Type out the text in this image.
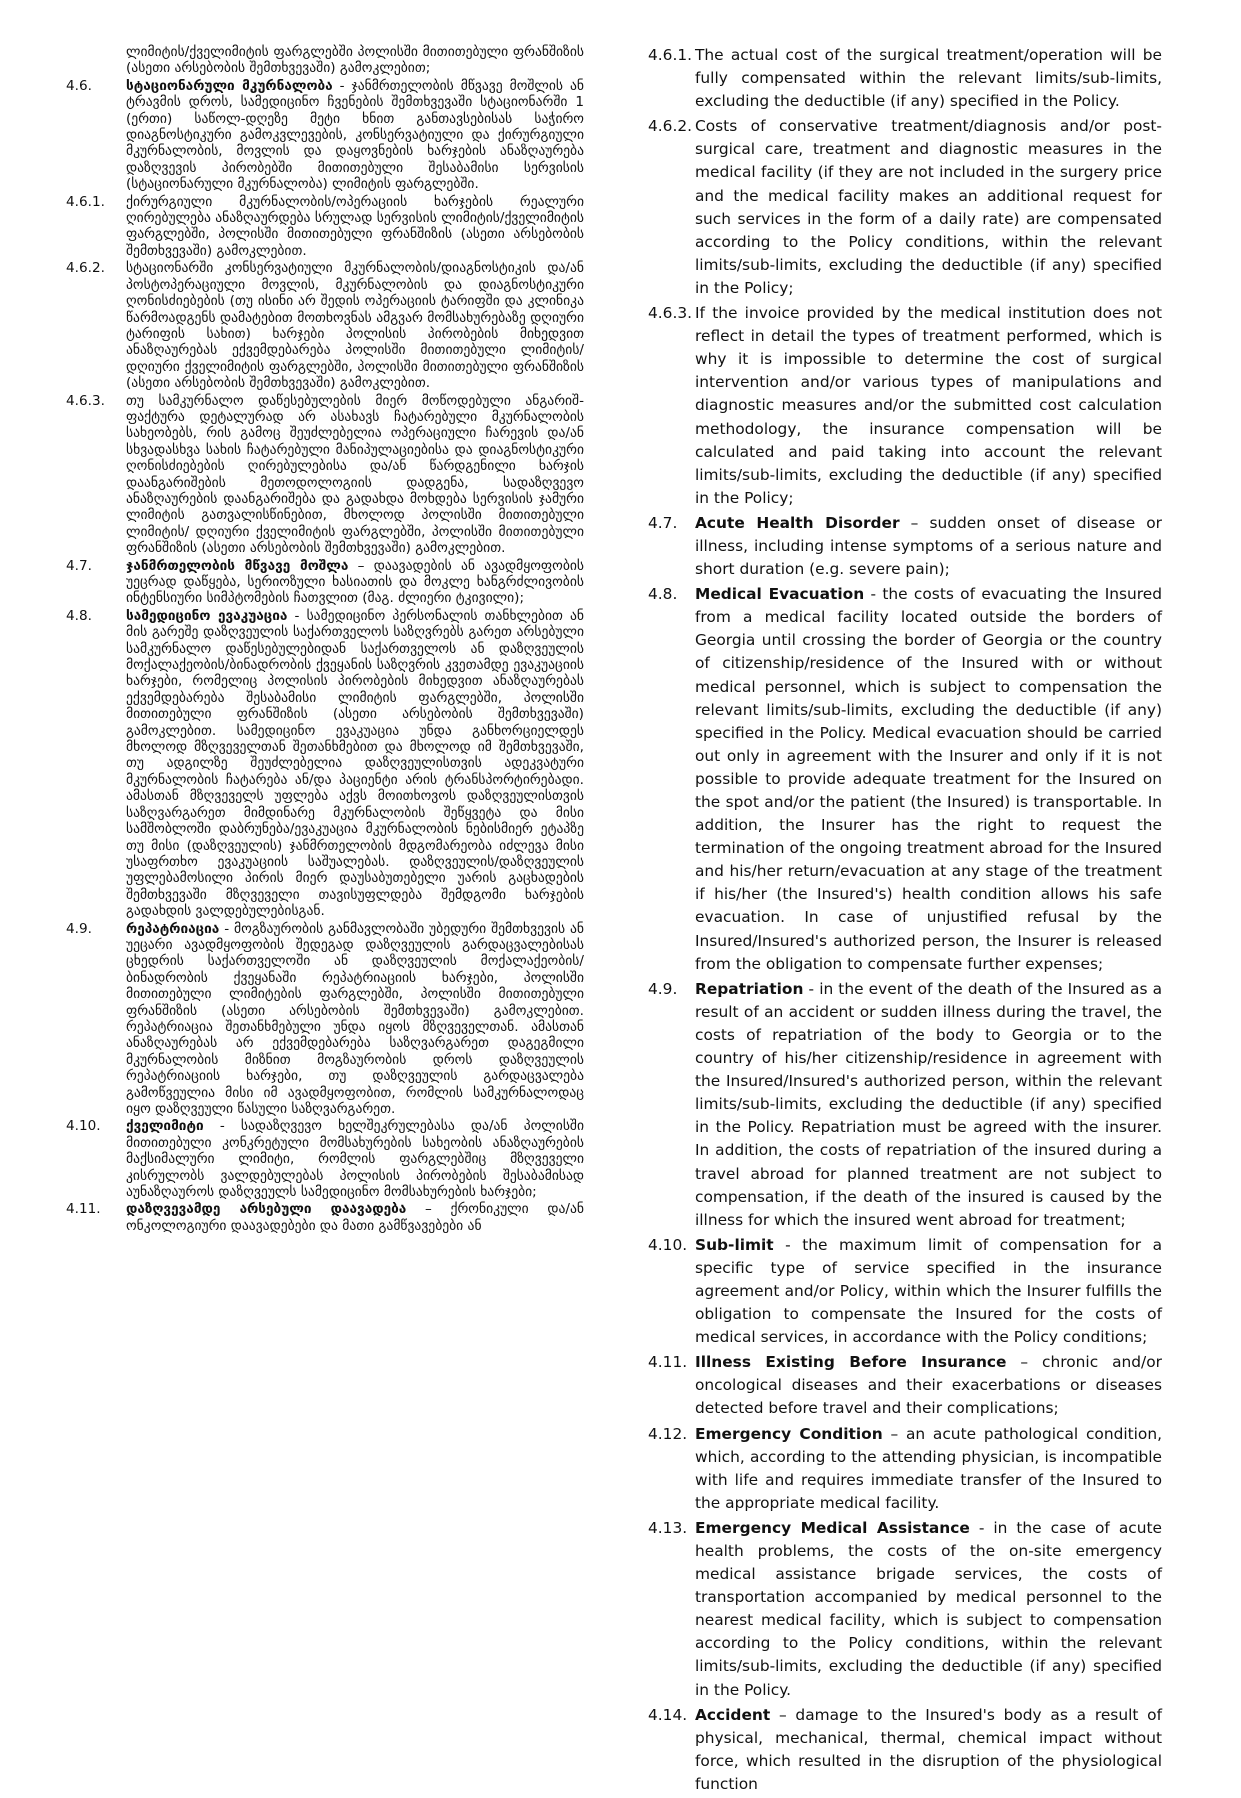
ლიმიტის/ქველიმიტის ფარგლებში პოლისში მითითებული ფრანშიზის (ასეთი არსებობის შემთხვევაში) გამოკლებით;
4.6.	სტაციონარული მკურნალობა - ჯანმრთელობის მწვავე მოშლის ან ტრავმის დროს, სამედიცინო ჩვენების შემთხვევაში სტაციონარში 1 (ერთი) საწოლ-დღეზე მეტი ხნით განთავსებისას საჭირო დიაგნოსტიკური გამოკვლევების, კონსერვატიული და ქირურგიული მკურნალობის, მოვლის და დაყოვნების ხარჯების ანაზღაურება დაზღვევის პირობებში მითითებული შესაბამისი სერვისის (სტაციონარული მკურნალობა) ლიმიტის ფარგლებში.
4.6.1.	ქირურგიული მკურნალობის/ოპერაციის ხარჯების რეალური ღირებულება ანაზღაურდება სრულად სერვისის ლიმიტის/ქველიმიტის ფარგლებში, პოლისში მითითებული ფრანშიზის (ასეთი არსებობის შემთხვევაში) გამოკლებით.
4.6.2.	სტაციონარში კონსერვატიული მკურნალობის/დიაგნოსტიკის და/ან პოსტოპერაციული მოვლის, მკურნალობის და დიაგნოსტიკური ღონისძიებების (თუ ისინი არ შედის ოპერაციის ტარიფში და კლინიკა წარმოადგენს დამატებით მოთხოვნას ამგვარ მომსახურებაზე დღიური ტარიფის სახით) ხარჯები პოლისის პირობების მიხედვით ანაზღაურებას ექვემდებარება პოლისში მითითებული ლიმიტის/დღიური ქველიმიტის ფარგლებში, პოლისში მითითებული ფრანშიზის (ასეთი არსებობის შემთხვევაში) გამოკლებით.
4.6.3.	თუ სამკურნალო დაწესებულების მიერ მოწოდებული ანგარიშ-ფაქტურა დეტალურად არ ასახავს ჩატარებული მკურნალობის სახეობებს, რის გამოც შეუძლებელია ოპერაციული ჩარევის და/ან სხვადასხვა სახის ჩატარებული მანიპულაციებისა და დიაგნოსტიკური ღონისძიებების ღირებულებისა და/ან წარდგენილი ხარჯის დაანგარიშების მეთოდოლოგიის დადგენა, სადაზღვევო ანაზღაურების დაანგარიშება და გადახდა მოხდება სერვისის ჯამური ლიმიტის გათვალისწინებით, მხოლოდ პოლისში მითითებული ლიმიტის/ დღიური ქველიმიტის ფარგლებში, პოლისში მითითებული ფრანშიზის (ასეთი არსებობის შემთხვევაში) გამოკლებით.
4.7.	ჯანმრთელობის მწვავე მოშლა – დაავადების ან ავადმყოფობის უეცრად დაწყება, სერიოზული ხასიათის და მოკლე ხანგრძლივობის ინტენსიური სიმპტომების ჩათვლით (მაგ. ძლიერი ტკივილი);
4.8.	სამედიცინო ევაკუაცია - სამედიცინო პერსონალის თანხლებით ან მის გარეშე დაზღვეულის საქართველოს საზღვრებს გარეთ არსებული სამკურნალო დაწესებულებიდან საქართველოს ან დაზღვეულის მოქალაქეობის/ბინადრობის ქვეყანის საზღვრის კვეთამდე ევაკუაციის ხარჯები, რომელიც პოლისის პირობების მიხედვით ანაზღაურებას ექვემდებარება შესაბამისი ლიმიტის ფარგლებში, პოლისში მითითებული ფრანშიზის (ასეთი არსებობის შემთხვევაში) გამოკლებით. სამედიცინო ევაკუაცია უნდა განხორციელდეს მხოლოდ მზღვეველთან შეთანხმებით და მხოლოდ იმ შემთხვევაში, თუ ადგილზე შეუძლებელია დაზღვეულისთვის ადეკვატური მკურნალობის ჩატარება ან/და პაციენტი არის ტრანსპორტირებადი. ამასთან მზღვეველს უფლება აქვს მოითხოვოს დაზღვეულისთვის საზღვარგარეთ მიმდინარე მკურნალობის შეწყვეტა და მისი სამშობლოში დაბრუნება/ევაკუაცია მკურნალობის ნებისმიერ ეტაპზე თუ მისი (დაზღვეულის) ჯანმრთელობის მდგომარეობა იძლევა მისი უსაფრთხო ევაკუაციის საშუალებას. დაზღვეულის/დაზღვეულის უფლებამოსილი პირის მიერ დაუსაბუთებელი უარის გაცხადების შემთხვევაში მზღვეველი თავისუფლდება შემდგომი ხარჯების გადახდის ვალდებულებისგან.
4.9.	რეპატრიაცია - მოგზაურობის განმავლობაში უბედური შემთხვევის ან უეცარი ავადმყოფობის შედეგად დაზღვეულის გარდაცვალებისას ცხედრის საქართველოში ან დაზღვეულის მოქალაქეობის/ბინადრობის ქვეყანაში რეპატრიაციის ხარჯები, პოლისში მითითებული ლიმიტების ფარგლებში, პოლისში მითითებული ფრანშიზის (ასეთი არსებობის შემთხვევაში) გამოკლებით. რეპატრიაცია შეთანხმებული უნდა იყოს მზღვეველთან. ამასთან ანაზღაურებას არ ექვემდებარება საზღვარგარეთ დაგეგმილი მკურნალობის მიზნით მოგზაურობის დროს დაზღვეულის რეპატრიაციის ხარჯები, თუ დაზღვეულის გარდაცვალება გამოწვეულია მისი იმ ავადმყოფობით, რომლის სამკურნალოდაც იყო დაზღვეული წასული საზღვარგარეთ.
4.10.	ქველიმიტი - სადაზღვევო ხელშეკრულებასა და/ან პოლისში მითითებული კონკრეტული მომსახურების სახეობის ანაზღაურების მაქსიმალური ლიმიტი, რომლის ფარგლებშიც მზღვეველი კისრულობს ვალდებულებას პოლისის პირობების შესაბამისად აუნაზღაუროს დაზღვეულს სამედიცინო მომსახურების ხარჯები;
4.11.	დაზღვევამდე არსებული დაავადება – ქრონიკული და/ან ონკოლოგიური დაავადებები და მათი გამწვავებები ან
4.6.1. The actual cost of the surgical treatment/operation will be fully compensated within the relevant limits/sub-limits, excluding the deductible (if any) specified in the Policy.
4.6.2. Costs of conservative treatment/diagnosis and/or post-surgical care, treatment and diagnostic measures in the medical facility (if they are not included in the surgery price and the medical facility makes an additional request for such services in the form of a daily rate) are compensated according to the Policy conditions, within the relevant limits/sub-limits, excluding the deductible (if any) specified in the Policy;
4.6.3. If the invoice provided by the medical institution does not reflect in detail the types of treatment performed, which is why it is impossible to determine the cost of surgical intervention and/or various types of manipulations and diagnostic measures and/or the submitted cost calculation methodology, the insurance compensation will be calculated and paid taking into account the relevant limits/sub-limits, excluding the deductible (if any) specified in the Policy;
4.7.	Acute Health Disorder – sudden onset of disease or illness, including intense symptoms of a serious nature and short duration (e.g. severe pain);
4.8.	Medical Evacuation - the costs of evacuating the Insured from a medical facility located outside the borders of Georgia until crossing the border of Georgia or the country of citizenship/residence of the Insured with or without medical personnel, which is subject to compensation the relevant limits/sub-limits, excluding the deductible (if any) specified in the Policy. Medical evacuation should be carried out only in agreement with the Insurer and only if it is not possible to provide adequate treatment for the Insured on the spot and/or the patient (the Insured) is transportable. In addition, the Insurer has the right to request the termination of the ongoing treatment abroad for the Insured and his/her return/evacuation at any stage of the treatment if his/her (the Insured's) health condition allows his safe evacuation. In case of unjustified refusal by the Insured/Insured's authorized person, the Insurer is released from the obligation to compensate further expenses;
4.9.	Repatriation - in the event of the death of the Insured as a result of an accident or sudden illness during the travel, the costs of repatriation of the body to Georgia or to the country of his/her citizenship/residence in agreement with the Insured/Insured's authorized person, within the relevant limits/sub-limits, excluding the deductible (if any) specified in the Policy. Repatriation must be agreed with the insurer. In addition, the costs of repatriation of the insured during a travel abroad for planned treatment are not subject to compensation, if the death of the insured is caused by the illness for which the insured went abroad for treatment;
4.10. Sub-limit - the maximum limit of compensation for a specific type of service specified in the insurance agreement and/or Policy, within which the Insurer fulfills the obligation to compensate the Insured for the costs of medical services, in accordance with the Policy conditions;
4.11. Illness Existing Before Insurance – chronic and/or oncological diseases and their exacerbations or diseases detected before travel and their complications;
4.12. Emergency Condition – an acute pathological condition, which, according to the attending physician, is incompatible with life and requires immediate transfer of the Insured to the appropriate medical facility.
4.13. Emergency Medical Assistance - in the case of acute health problems, the costs of the on-site emergency medical assistance brigade services, the costs of transportation accompanied by medical personnel to the nearest medical facility, which is subject to compensation according to the Policy conditions, within the relevant limits/sub-limits, excluding the deductible (if any) specified in the Policy.
4.14. Accident – damage to the Insured's body as a result of physical, mechanical, thermal, chemical impact without force, which resulted in the disruption of the physiological function
